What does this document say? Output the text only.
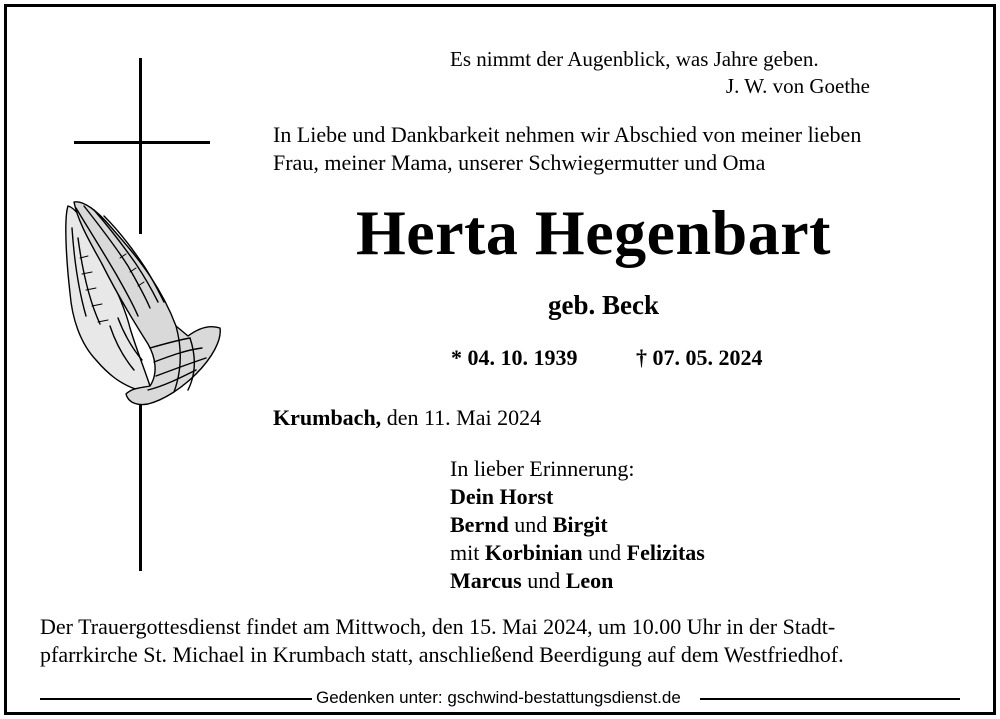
Es nimmt der Augenblick, was Jahre geben.
J. W. von Goethe
In Liebe und Dankbarkeit nehmen wir Abschied von meiner lieben
Frau, meiner Mama, unserer Schwiegermutter und Oma
Herta Hegenbart
geb. Beck
* 04. 10. 1939	† 07. 05. 2024
Krumbach, den 11. Mai 2024
In lieber Erinnerung:
Dein Horst
Bernd und Birgit
mit Korbinian und Felizitas
Marcus und Leon
Der Trauergottesdienst findet am Mittwoch, den 15. Mai 2024, um 10.00 Uhr in der Stadt-
pfarrkirche St. Michael in Krumbach statt, anschließend Beerdigung auf dem Westfriedhof.
Gedenken unter: gschwind-bestattungsdienst.de
